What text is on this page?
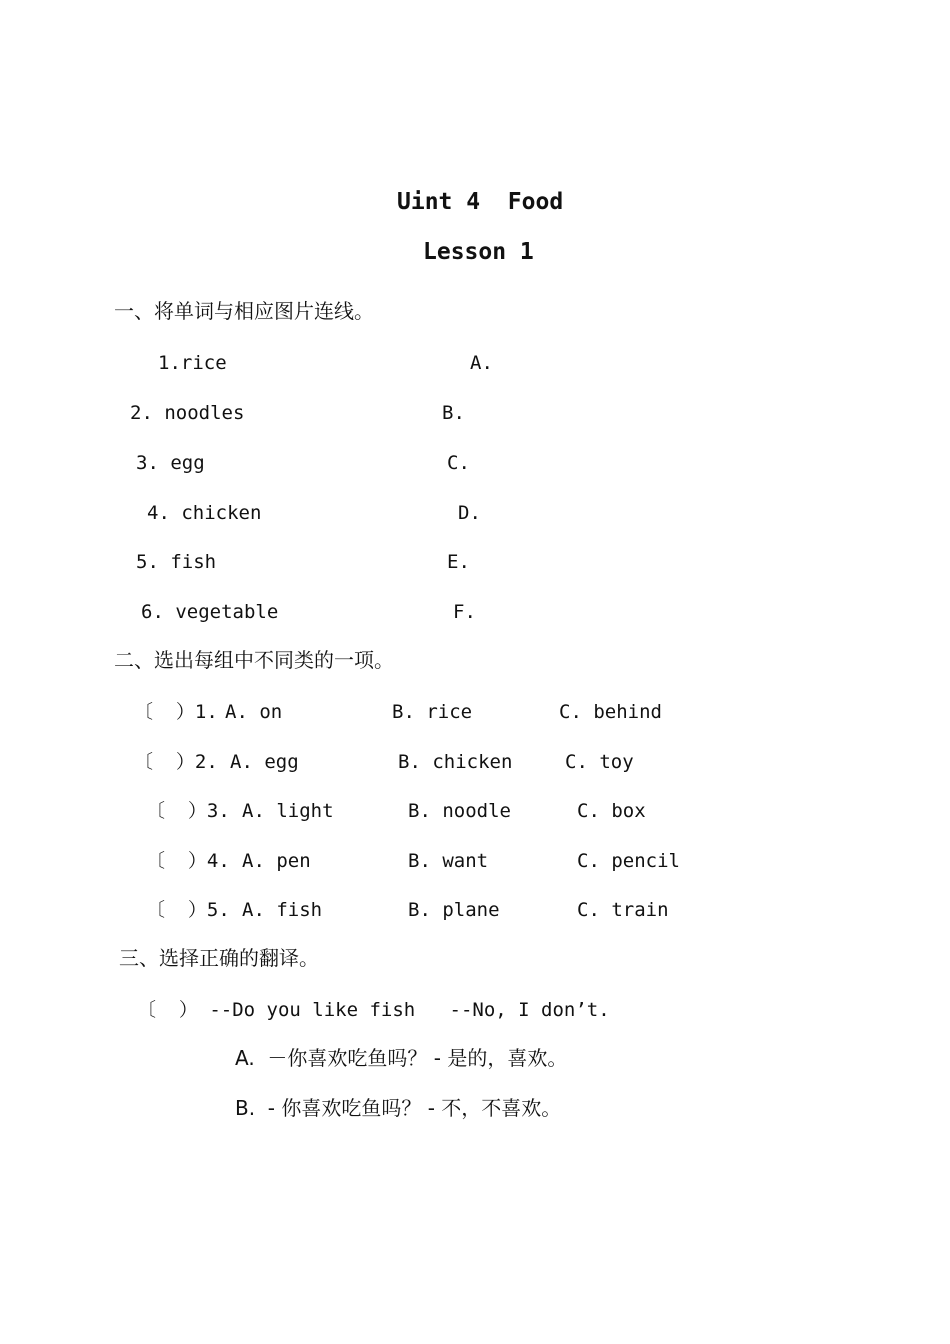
Uint 4  Food
Lesson 1
一、将单词与相应图片连线。
1.rice	A.
2. noodles	B.
3. egg	C.
4. chicken	D.
5. fish	E.
6. vegetable	F.
二、选出每组中不同类的一项。
〔  ）1. A. on	B. rice	C. behind
〔  ）2. A. egg	B. chicken	C. toy
〔  ）3. A. light	B. noodle	C. box
〔  ）4. A. pen	B. want	C. pencil
〔  ）5. A. fish	B. plane	C. train
三、选择正确的翻译。
〔  ） --Do you like fish   --No, I don’t.
A.  －你喜欢吃鱼吗？ - 是的，喜欢。
B.  - 你喜欢吃鱼吗？ - 不，不喜欢。
